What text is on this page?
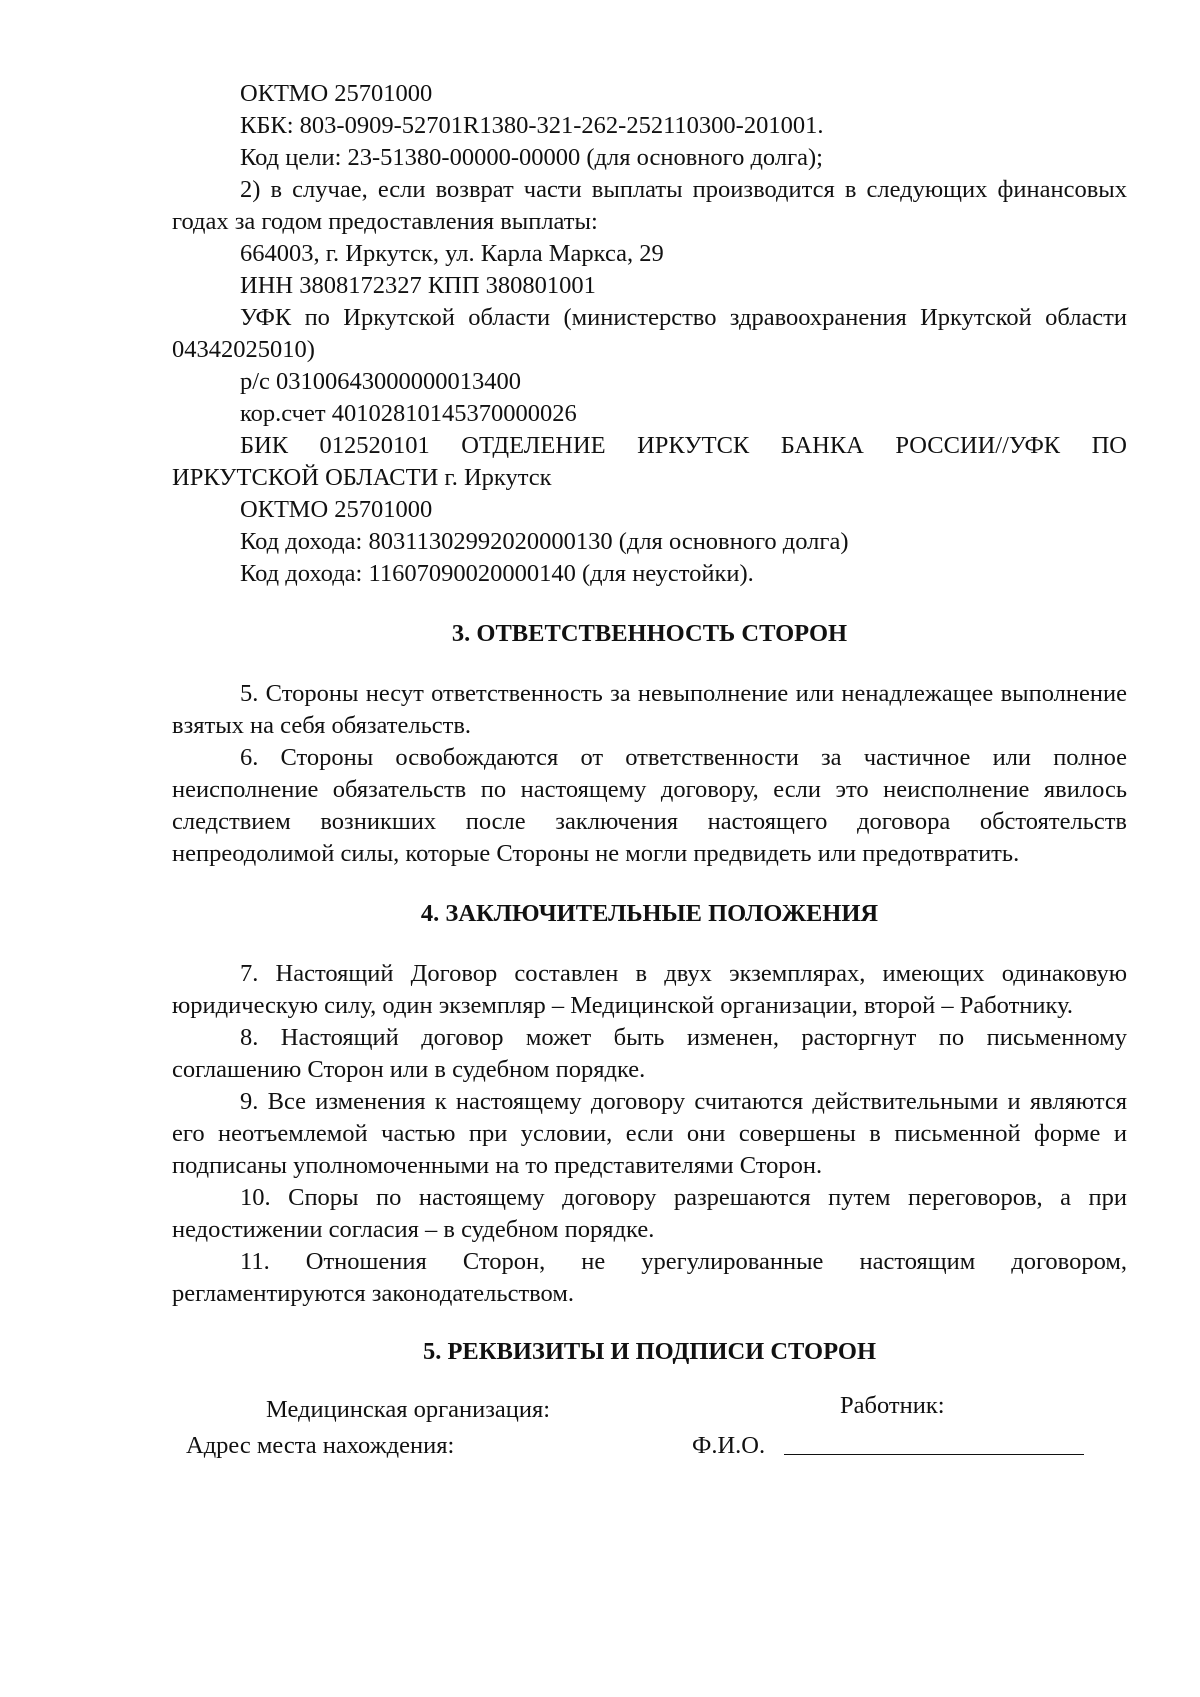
ОКТМО 25701000

КБК: 803-0909-52701R1380-321-262-252110300-201001.

Код цели: 23-51380-00000-00000 (для основного долга);

2) в случае, если возврат части выплаты производится в следующих финансовых годах за годом предоставления выплаты:

664003, г. Иркутск, ул. Карла Маркса, 29

ИНН 3808172327 КПП 380801001

УФК по Иркутской области (министерство здравоохранения Иркутской области 04342025010)

р/с 03100643000000013400

кор.счет 40102810145370000026

БИК 012520101 ОТДЕЛЕНИЕ ИРКУТСК БАНКА РОССИИ//УФК ПО ИРКУТСКОЙ ОБЛАСТИ г. Иркутск

ОКТМО 25701000

Код дохода: 80311302992020000130 (для основного долга)

Код дохода: 11607090020000140 (для неустойки).

3. ОТВЕТСТВЕННОСТЬ СТОРОН

5. Стороны несут ответственность за невыполнение или ненадлежащее выполнение взятых на себя обязательств.

6. Стороны освобождаются от ответственности за частичное или полное неисполнение обязательств по настоящему договору, если это неисполнение явилось следствием возникших после заключения настоящего договора обстоятельств непреодолимой силы, которые Стороны не могли предвидеть или предотвратить.

4. ЗАКЛЮЧИТЕЛЬНЫЕ ПОЛОЖЕНИЯ

7. Настоящий Договор составлен в двух экземплярах, имеющих одинаковую юридическую силу, один экземпляр – Медицинской организации, второй – Работнику.

8. Настоящий договор может быть изменен, расторгнут по письменному соглашению Сторон или в судебном порядке.

9. Все изменения к настоящему договору считаются действительными и являются его неотъемлемой частью при условии, если они совершены в письменной форме и подписаны уполномоченными на то представителями Сторон.

10. Споры по настоящему договору разрешаются путем переговоров, а при недостижении согласия – в судебном порядке.

11. Отношения Сторон, не урегулированные настоящим договором, регламентируются законодательством.

5. РЕКВИЗИТЫ И ПОДПИСИ СТОРОН
Медицинская организация:
Адрес места нахождения:
Работник:
Ф.И.О.
